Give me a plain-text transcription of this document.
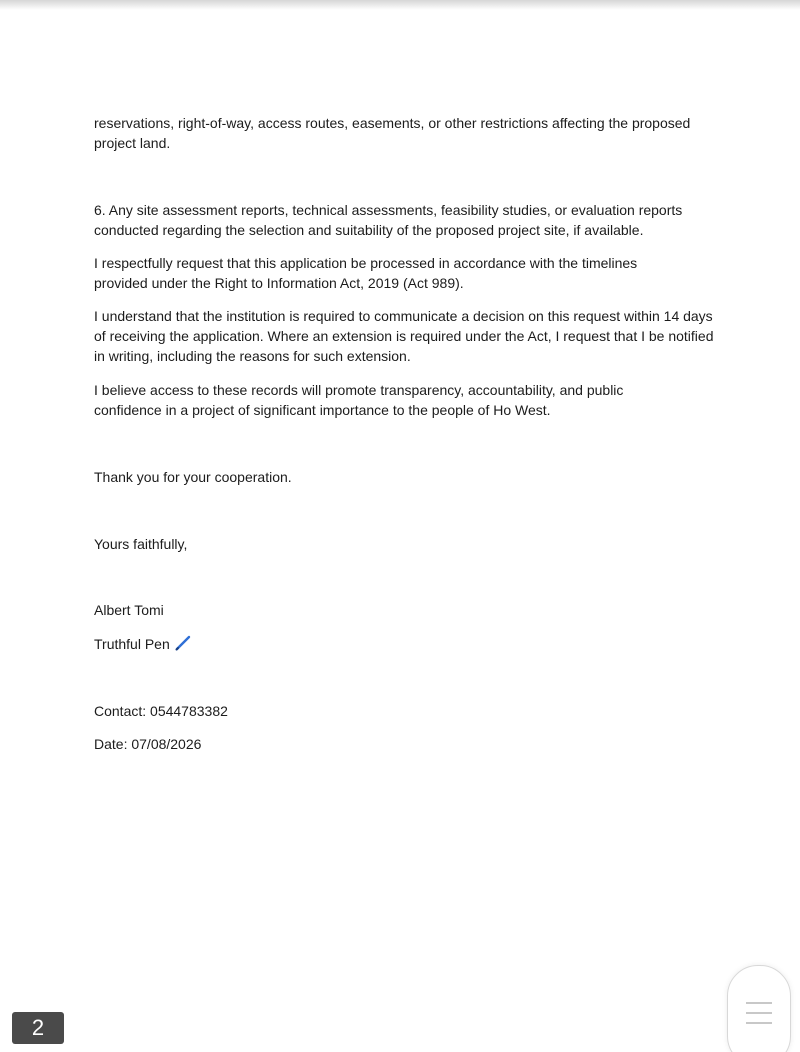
reservations, right-of-way, access routes, easements, or other restrictions affecting the proposed project land.

6. Any site assessment reports, technical assessments, feasibility studies, or evaluation reports conducted regarding the selection and suitability of the proposed project site, if available.

I respectfully request that this application be processed in accordance with the timelines provided under the Right to Information Act, 2019 (Act 989).

I understand that the institution is required to communicate a decision on this request within 14 days of receiving the application. Where an extension is required under the Act, I request that I be notified in writing, including the reasons for such extension.

I believe access to these records will promote transparency, accountability, and public confidence in a project of significant importance to the people of Ho West.

Thank you for your cooperation.

Yours faithfully,

Albert Tomi

Truthful Pen

Contact: 0544783382

Date: 07/08/2026

2
